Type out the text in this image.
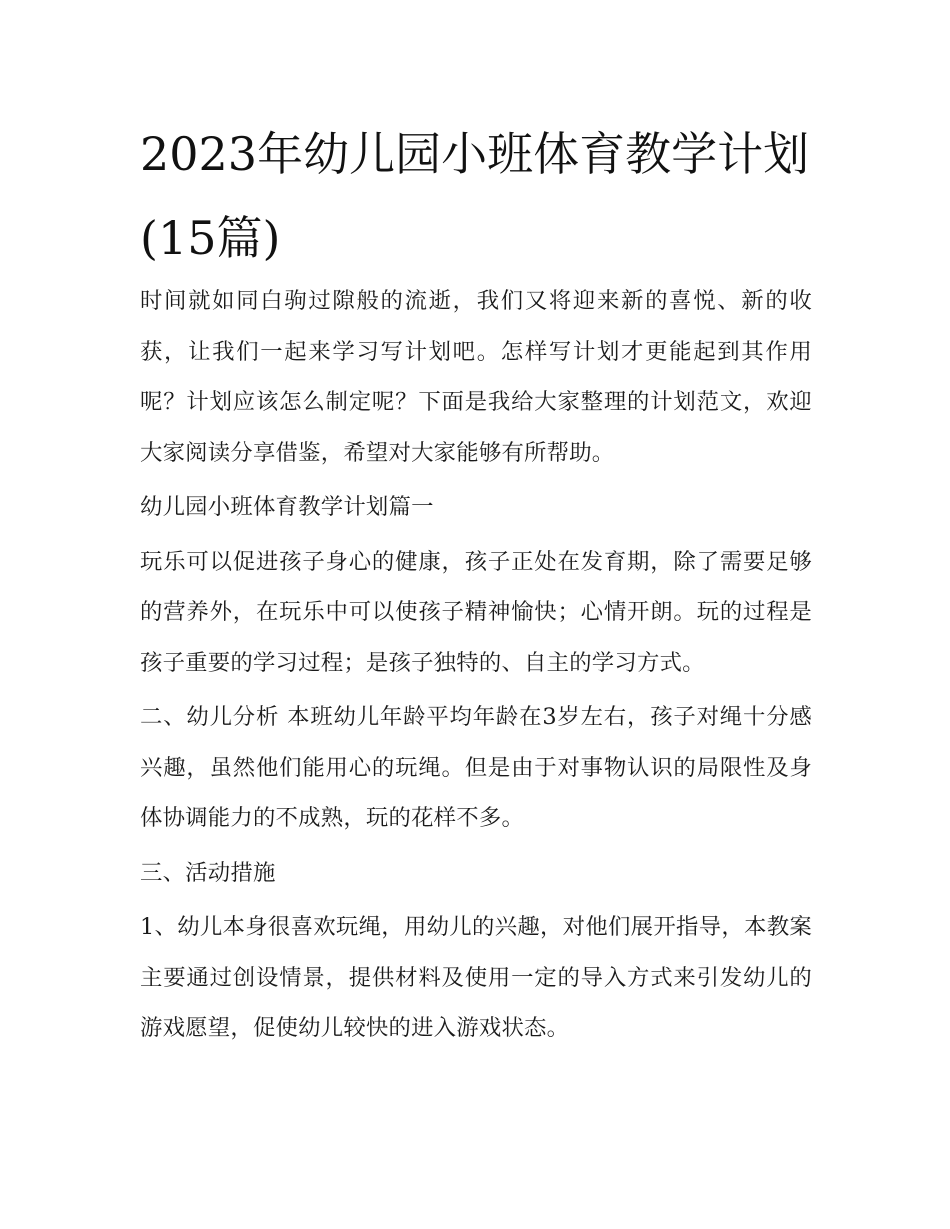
2023年幼儿园小班体育教学计划(15篇)

时间就如同白驹过隙般的流逝，我们又将迎来新的喜悦、新的收获，让我们一起来学习写计划吧。怎样写计划才更能起到其作用呢？计划应该怎么制定呢？下面是我给大家整理的计划范文，欢迎大家阅读分享借鉴，希望对大家能够有所帮助。

幼儿园小班体育教学计划篇一

玩乐可以促进孩子身心的健康，孩子正处在发育期，除了需要足够的营养外，在玩乐中可以使孩子精神愉快；心情开朗。玩的过程是孩子重要的学习过程；是孩子独特的、自主的学习方式。

二、幼儿分析 本班幼儿年龄平均年龄在3岁左右，孩子对绳十分感兴趣，虽然他们能用心的玩绳。但是由于对事物认识的局限性及身体协调能力的不成熟，玩的花样不多。

三、活动措施

1、幼儿本身很喜欢玩绳，用幼儿的兴趣，对他们展开指导，本教案主要通过创设情景，提供材料及使用一定的导入方式来引发幼儿的游戏愿望，促使幼儿较快的进入游戏状态。
